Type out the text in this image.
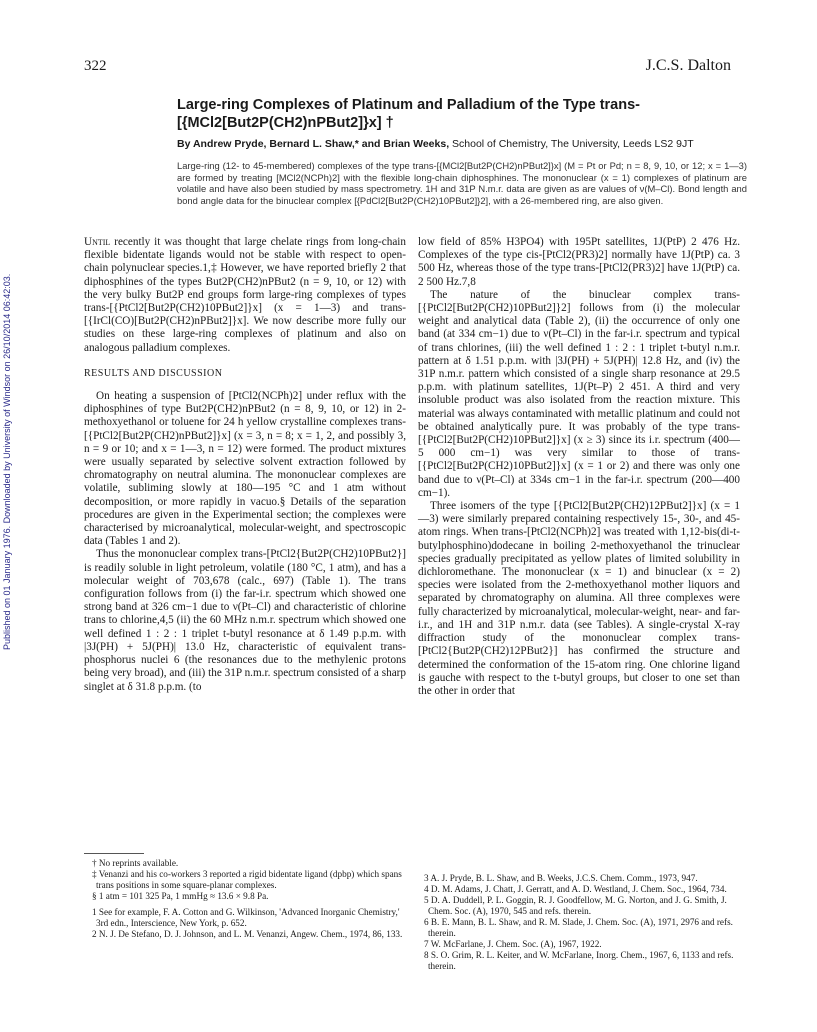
Published on 01 January 1976. Downloaded by University of Windsor on 26/10/2014 06:42:03.
322	J.C.S. Dalton
Large-ring Complexes of Platinum and Palladium of the Type trans-
[{MCl2[But2P(CH2)nPBut2]}x] †
By Andrew Pryde, Bernard L. Shaw,* and Brian Weeks, School of Chemistry, The University, Leeds LS2 9JT
Large-ring (12- to 45-membered) complexes of the type trans-[{MCl2[But2P(CH2)nPBut2]}x] (M = Pt or Pd; n = 8, 9, 10, or 12; x = 1—3) are formed by treating [MCl2(NCPh)2] with the flexible long-chain diphosphines. The mononuclear (x = 1) complexes of platinum are volatile and have also been studied by mass spectrometry. 1H and 31P N.m.r. data are given as are values of ν(M–Cl). Bond length and bond angle data for the binuclear complex [{PdCl2[But2P(CH2)10PBut2]}2], with a 26-membered ring, are also given.

Until recently it was thought that large chelate rings from long-chain flexible bidentate ligands would not be stable with respect to open-chain polynuclear species.1,‡ However, we have reported briefly 2 that diphosphines of the types But2P(CH2)nPBut2 (n = 9, 10, or 12) with the very bulky But2P end groups form large-ring complexes of types trans-[{PtCl2[But2P(CH2)10PBut2]}x] (x = 1—3) and trans-[{IrCl(CO)[But2P(CH2)nPBut2]}x]. We now describe more fully our studies on these large-ring complexes of platinum and also on analogous palladium complexes.

RESULTS AND DISCUSSION

On heating a suspension of [PtCl2(NCPh)2] under reflux with the diphosphines of type But2P(CH2)nPBut2 (n = 8, 9, 10, or 12) in 2-methoxyethanol or toluene for 24 h yellow crystalline complexes trans-[{PtCl2[But2P(CH2)nPBut2]}x] (x = 3, n = 8; x = 1, 2, and possibly 3, n = 9 or 10; and x = 1—3, n = 12) were formed. The product mixtures were usually separated by selective solvent extraction followed by chromatography on neutral alumina. The mononuclear complexes are volatile, subliming slowly at 180—195 °C and 1 atm without decomposition, or more rapidly in vacuo.§ Details of the separation procedures are given in the Experimental section; the complexes were characterised by microanalytical, molecular-weight, and spectroscopic data (Tables 1 and 2).

Thus the mononuclear complex trans-[PtCl2{But2P(CH2)10PBut2}] is readily soluble in light petroleum, volatile (180 °C, 1 atm), and has a molecular weight of 703,678 (calc., 697) (Table 1). The trans configuration follows from (i) the far-i.r. spectrum which showed one strong band at 326 cm−1 due to ν(Pt–Cl) and characteristic of chlorine trans to chlorine,4,5 (ii) the 60 MHz n.m.r. spectrum which showed one well defined 1 : 2 : 1 triplet t-butyl resonance at δ 1.49 p.p.m. with |3J(PH) + 5J(PH)| 13.0 Hz, characteristic of equivalent trans-phosphorus nuclei 6 (the resonances due to the methylenic protons being very broad), and (iii) the 31P n.m.r. spectrum consisted of a sharp singlet at δ 31.8 p.p.m. (to

low field of 85% H3PO4) with 195Pt satellites, 1J(PtP) 2 476 Hz. Complexes of the type cis-[PtCl2(PR3)2] normally have 1J(PtP) ca. 3 500 Hz, whereas those of the type trans-[PtCl2(PR3)2] have 1J(PtP) ca. 2 500 Hz.7,8

The nature of the binuclear complex trans-[{PtCl2[But2P(CH2)10PBut2]}2] follows from (i) the molecular weight and analytical data (Table 2), (ii) the occurrence of only one band (at 334 cm−1) due to ν(Pt–Cl) in the far-i.r. spectrum and typical of trans chlorines, (iii) the well defined 1 : 2 : 1 triplet t-butyl n.m.r. pattern at δ 1.51 p.p.m. with |3J(PH) + 5J(PH)| 12.8 Hz, and (iv) the 31P n.m.r. pattern which consisted of a single sharp resonance at 29.5 p.p.m. with platinum satellites, 1J(Pt–P) 2 451. A third and very insoluble product was also isolated from the reaction mixture. This material was always contaminated with metallic platinum and could not be obtained analytically pure. It was probably of the type trans-[{PtCl2[But2P(CH2)10PBut2]}x] (x ≥ 3) since its i.r. spectrum (400—5 000 cm−1) was very similar to those of trans-[{PtCl2[But2P(CH2)10PBut2]}x] (x = 1 or 2) and there was only one band due to ν(Pt–Cl) at 334s cm−1 in the far-i.r. spectrum (200—400 cm−1).

Three isomers of the type [{PtCl2[But2P(CH2)12PBut2]}x] (x = 1—3) were similarly prepared containing respectively 15-, 30-, and 45-atom rings. When trans-[PtCl2(NCPh)2] was treated with 1,12-bis(di-t-butylphosphino)dodecane in boiling 2-methoxyethanol the trinuclear species gradually precipitated as yellow plates of limited solubility in dichloromethane. The mononuclear (x = 1) and binuclear (x = 2) species were isolated from the 2-methoxyethanol mother liquors and separated by chromatography on alumina. All three complexes were fully characterized by microanalytical, molecular-weight, near- and far-i.r., and 1H and 31P n.m.r. data (see Tables). A single-crystal X-ray diffraction study of the mononuclear complex trans-[PtCl2{But2P(CH2)12PBut2}] has confirmed the structure and determined the conformation of the 15-atom ring. One chlorine ligand is gauche with respect to the t-butyl groups, but closer to one set than the other in order that

† No reprints available.

‡ Venanzi and his co-workers 3 reported a rigid bidentate ligand (dpbp) which spans trans positions in some square-planar complexes.

§ 1 atm = 101 325 Pa, 1 mmHg ≈ 13.6 × 9.8 Pa.

1 See for example, F. A. Cotton and G. Wilkinson, 'Advanced Inorganic Chemistry,' 3rd edn., Interscience, New York, p. 652.

2 N. J. De Stefano, D. J. Johnson, and L. M. Venanzi, Angew. Chem., 1974, 86, 133.

3 A. J. Pryde, B. L. Shaw, and B. Weeks, J.C.S. Chem. Comm., 1973, 947.

4 D. M. Adams, J. Chatt, J. Gerratt, and A. D. Westland, J. Chem. Soc., 1964, 734.

5 D. A. Duddell, P. L. Goggin, R. J. Goodfellow, M. G. Norton, and J. G. Smith, J. Chem. Soc. (A), 1970, 545 and refs. therein.

6 B. E. Mann, B. L. Shaw, and R. M. Slade, J. Chem. Soc. (A), 1971, 2976 and refs. therein.

7 W. McFarlane, J. Chem. Soc. (A), 1967, 1922.

8 S. O. Grim, R. L. Keiter, and W. McFarlane, Inorg. Chem., 1967, 6, 1133 and refs. therein.
